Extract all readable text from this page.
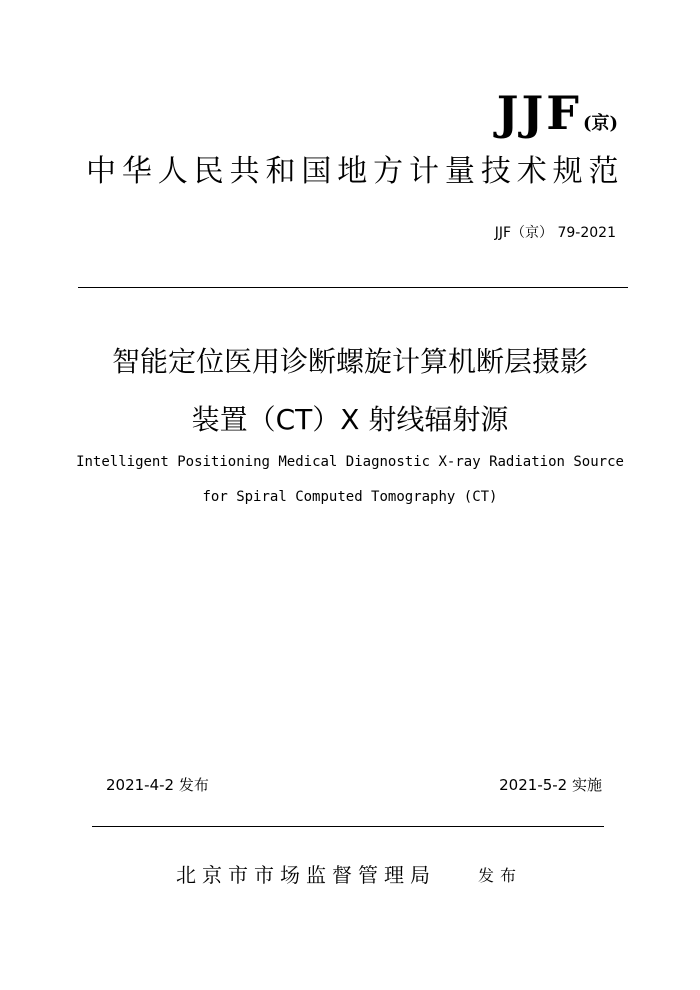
JJF (京)
中华人民共和国地方计量技术规范
JJF（京） 79-2021
智能定位医用诊断螺旋计算机断层摄影
装置（CT）X 射线辐射源
Intelligent Positioning Medical Diagnostic X-ray Radiation Source
for Spiral Computed Tomography (CT)
2021-4-2 发布	2021-5-2 实施
北京市市场监督管理局	发布
